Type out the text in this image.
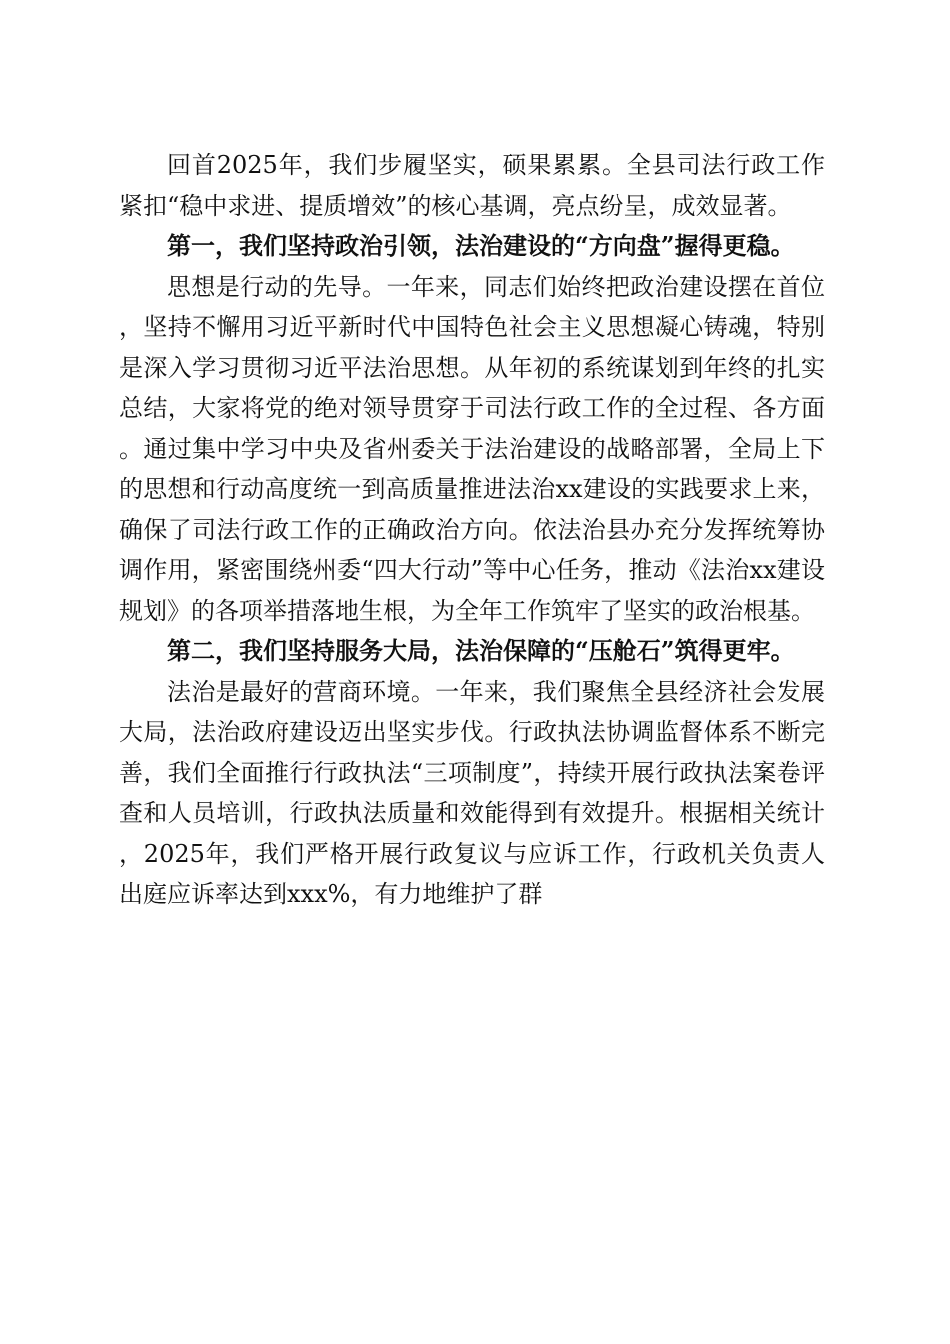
回首2025年，我们步履坚实，硕果累累。全县司法行政工作紧扣“稳中求进、提质增效”的核心基调，亮点纷呈，成效显著。

第一，我们坚持政治引领，法治建设的“方向盘”握得更稳。

思想是行动的先导。一年来，同志们始终把政治建设摆在首位，坚持不懈用习近平新时代中国特色社会主义思想凝心铸魂，特别是深入学习贯彻习近平法治思想。从年初的系统谋划到年终的扎实总结，大家将党的绝对领导贯穿于司法行政工作的全过程、各方面。通过集中学习中央及省州委关于法治建设的战略部署，全局上下的思想和行动高度统一到高质量推进法治xx建设的实践要求上来，确保了司法行政工作的正确政治方向。依法治县办充分发挥统筹协调作用，紧密围绕州委“四大行动”等中心任务，推动《法治xx建设规划》的各项举措落地生根，为全年工作筑牢了坚实的政治根基。

第二，我们坚持服务大局，法治保障的“压舱石”筑得更牢。

法治是最好的营商环境。一年来，我们聚焦全县经济社会发展大局，法治政府建设迈出坚实步伐。行政执法协调监督体系不断完善，我们全面推行行政执法“三项制度”，持续开展行政执法案卷评查和人员培训，行政执法质量和效能得到有效提升。根据相关统计，2025年，我们严格开展行政复议与应诉工作，行政机关负责人出庭应诉率达到xxx%，有力地维护了群
